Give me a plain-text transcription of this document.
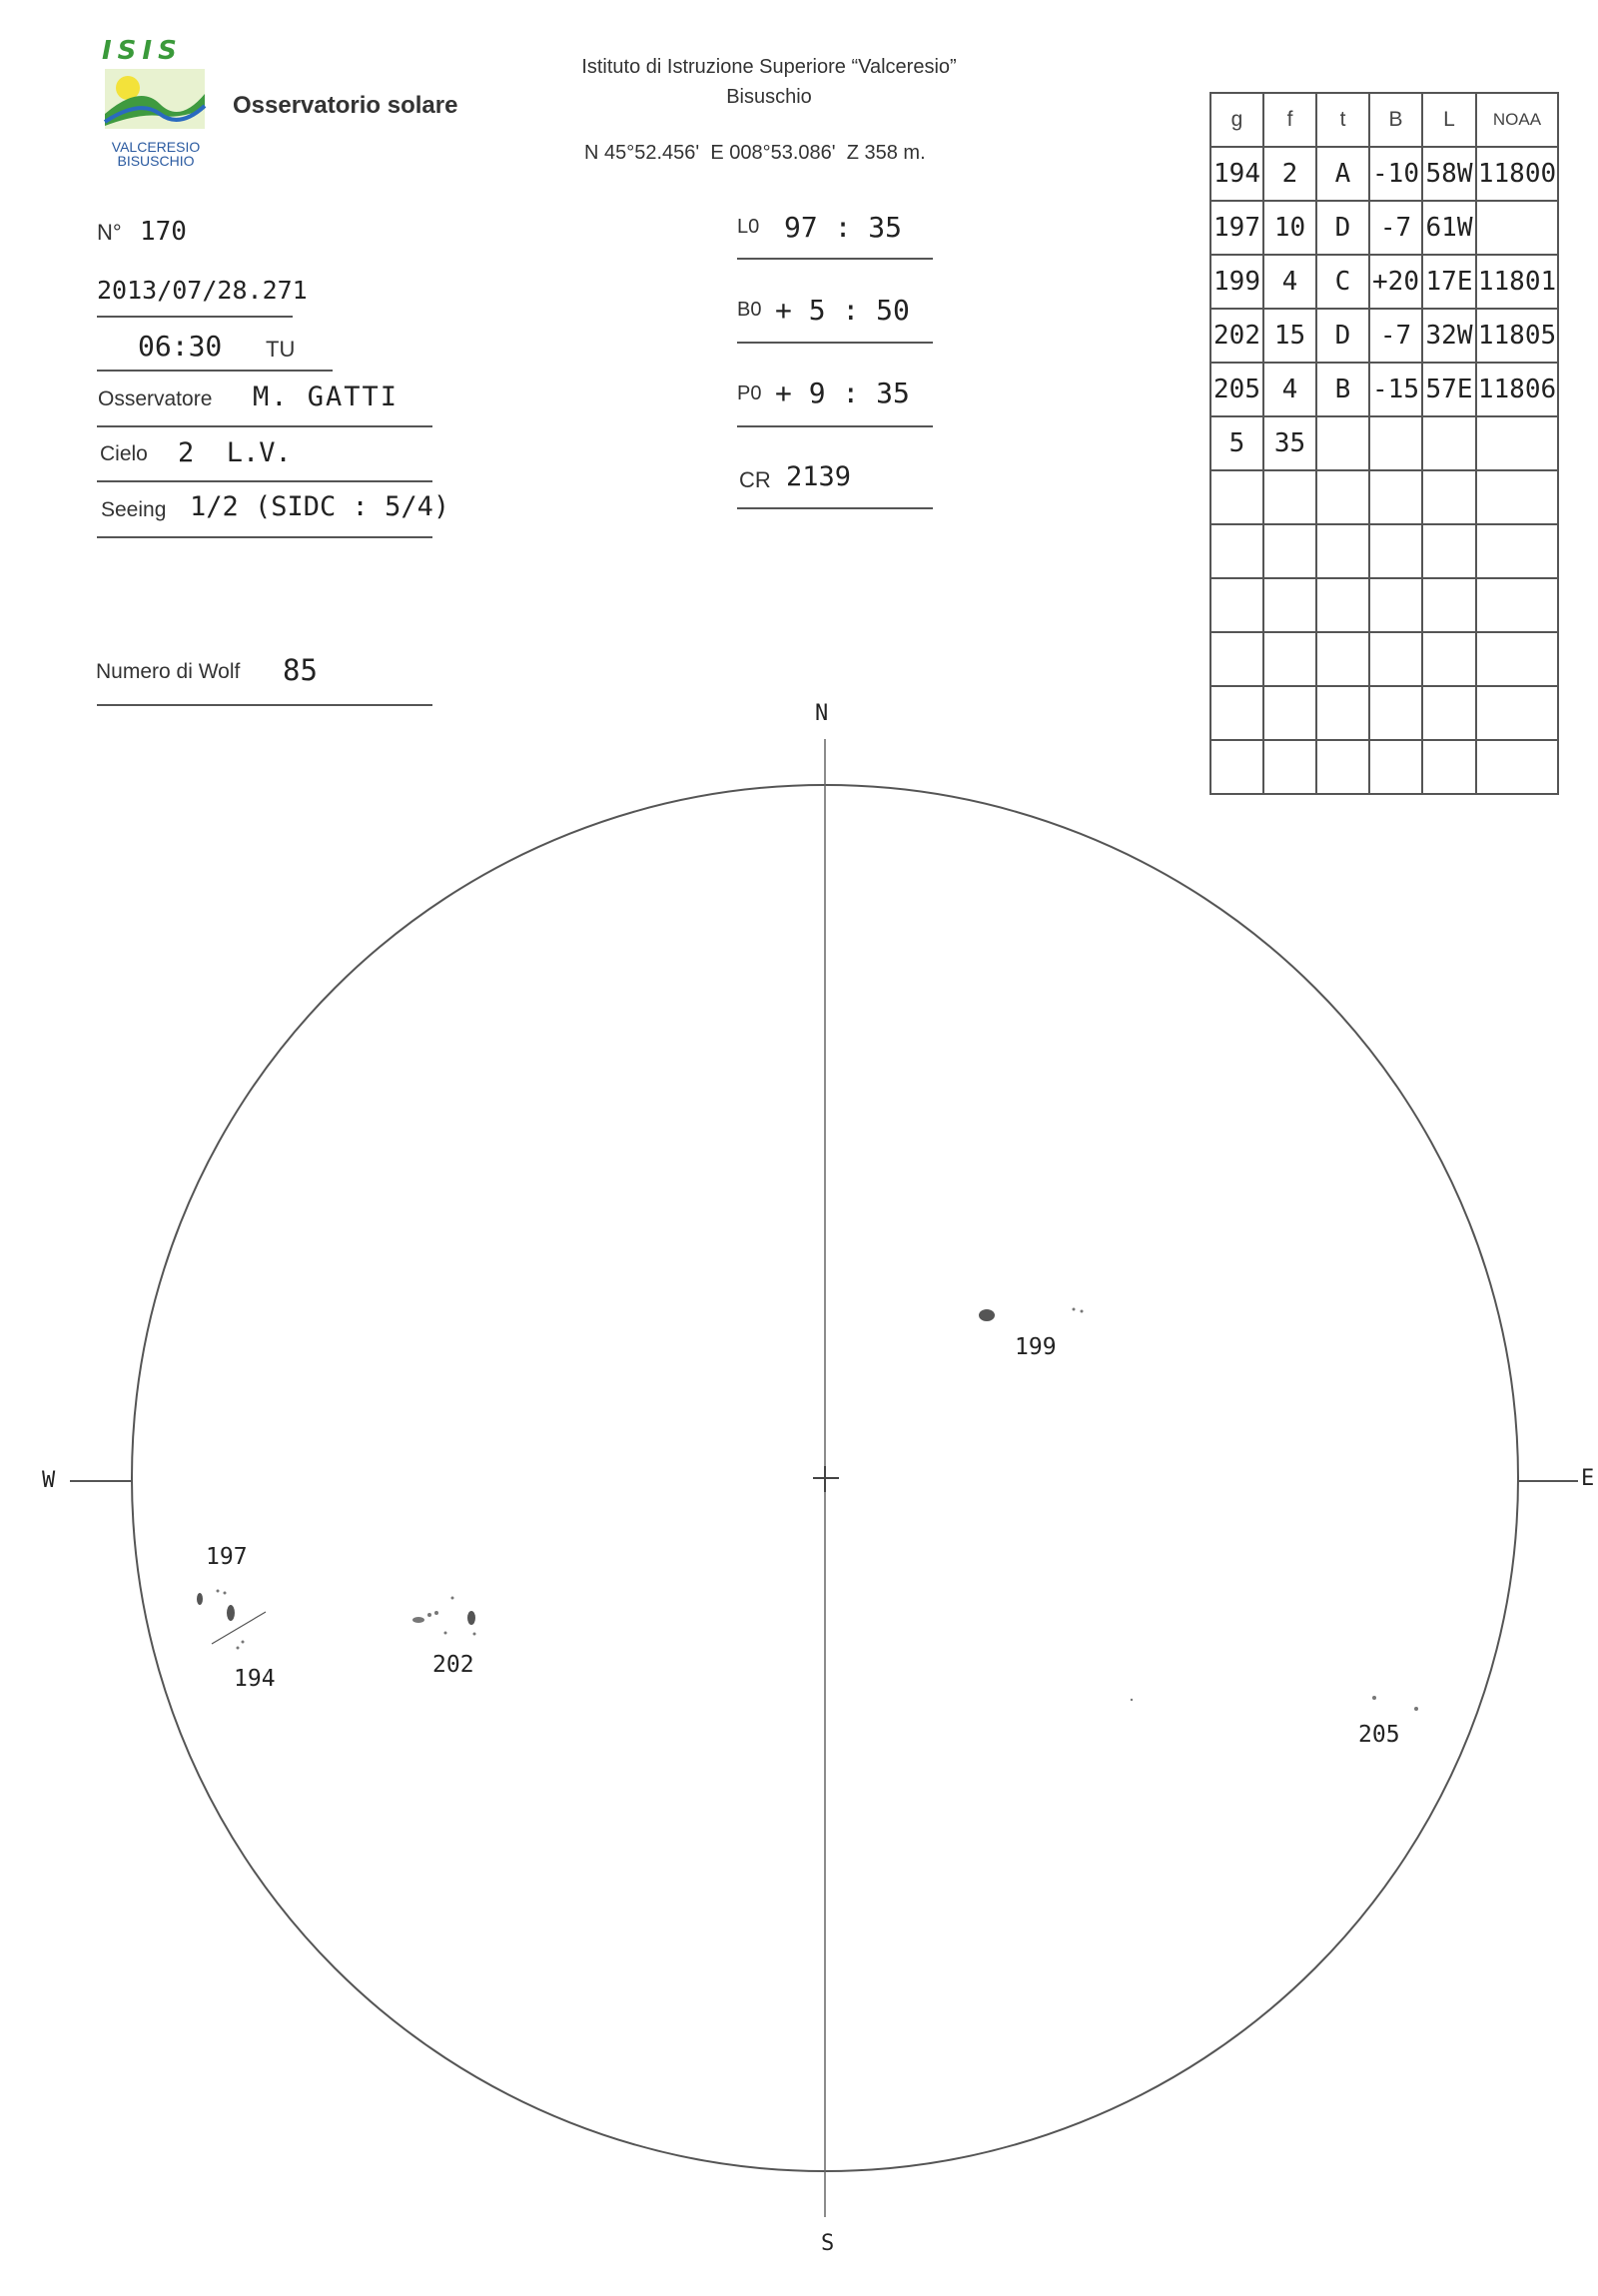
ISIS
VALCERESIO
BISUSCHIO
Osservatorio solare
Istituto di Istruzione Superiore “Valceresio”
Bisuschio
N 45°52.456'  E 008°53.086'  Z 358 m.
N° 170
2013/07/28.271
06:30 TU
Osservatore M. GATTI
Cielo 2  L.V.
Seeing 1/2 (SIDC : 5/4)
Numero di Wolf 85
L0 97 : 35
B0 + 5 : 50
P0 + 9 : 35
CR 2139
g	f	t	B	L	NOAA
194	2	A	-10	58W	11800
197	10	D	-7	61W	
199	4	C	+20	17E	11801
202	15	D	-7	32W	11805
205	4	B	-15	57E	11806
5	35				

N
S
W	E
197
194
202
199
205
